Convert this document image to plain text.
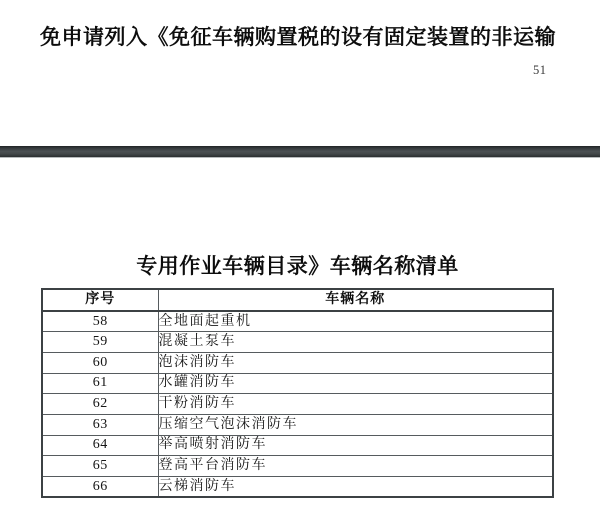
免申请列入《免征车辆购置税的设有固定装置的非运输
51
专用作业车辆目录》车辆名称清单
序号	车辆名称
58	全地面起重机
59	混凝土泵车
60	泡沫消防车
61	水罐消防车
62	干粉消防车
63	压缩空气泡沫消防车
64	举高喷射消防车
65	登高平台消防车
66	云梯消防车
